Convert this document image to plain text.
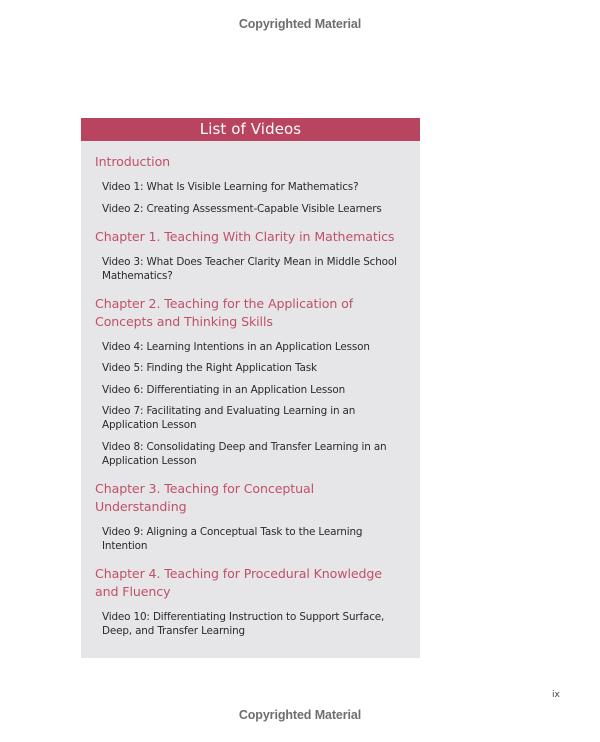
Copyrighted Material
List of Videos
Introduction
Video 1: What Is Visible Learning for Mathematics?
Video 2: Creating Assessment-Capable Visible Learners
Chapter 1. Teaching With Clarity in Mathematics
Video 3: What Does Teacher Clarity Mean in Middle School Mathematics?
Chapter 2. Teaching for the Application of Concepts and Thinking Skills
Video 4: Learning Intentions in an Application Lesson
Video 5: Finding the Right Application Task
Video 6: Differentiating in an Application Lesson
Video 7: Facilitating and Evaluating Learning in an Application Lesson
Video 8: Consolidating Deep and Transfer Learning in an Application Lesson
Chapter 3. Teaching for Conceptual Understanding
Video 9: Aligning a Conceptual Task to the Learning Intention
Chapter 4. Teaching for Procedural Knowledge and Fluency
Video 10: Differentiating Instruction to Support Surface, Deep, and Transfer Learning
ix
Copyrighted Material
